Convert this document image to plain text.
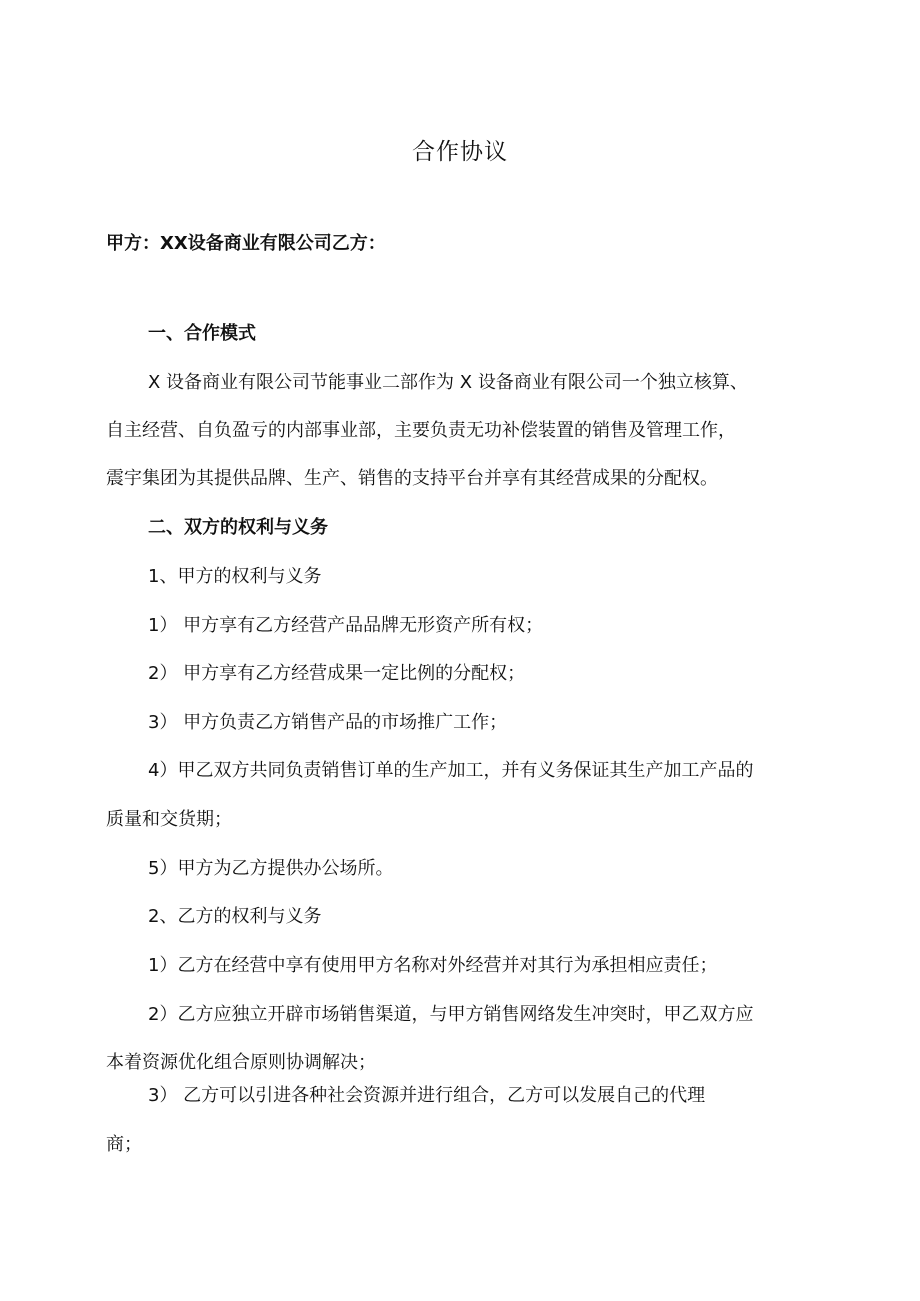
合作协议

甲方：XX设备商业有限公司乙方：

一、合作模式

X 设备商业有限公司节能事业二部作为 X 设备商业有限公司一个独立核算、

自主经营、自负盈亏的内部事业部，主要负责无功补偿装置的销售及管理工作，

震宇集团为其提供品牌、生产、销售的支持平台并享有其经营成果的分配权。

二、双方的权利与义务

1、甲方的权利与义务

1） 甲方享有乙方经营产品品牌无形资产所有权；

2） 甲方享有乙方经营成果一定比例的分配权；

3） 甲方负责乙方销售产品的市场推广工作；

4）甲乙双方共同负责销售订单的生产加工，并有义务保证其生产加工产品的

质量和交货期；

5）甲方为乙方提供办公场所。

2、乙方的权利与义务

1）乙方在经营中享有使用甲方名称对外经营并对其行为承担相应责任；

2）乙方应独立开辟市场销售渠道，与甲方销售网络发生冲突时，甲乙双方应

本着资源优化组合原则协调解决；

3） 乙方可以引进各种社会资源并进行组合，乙方可以发展自己的代理

商；
